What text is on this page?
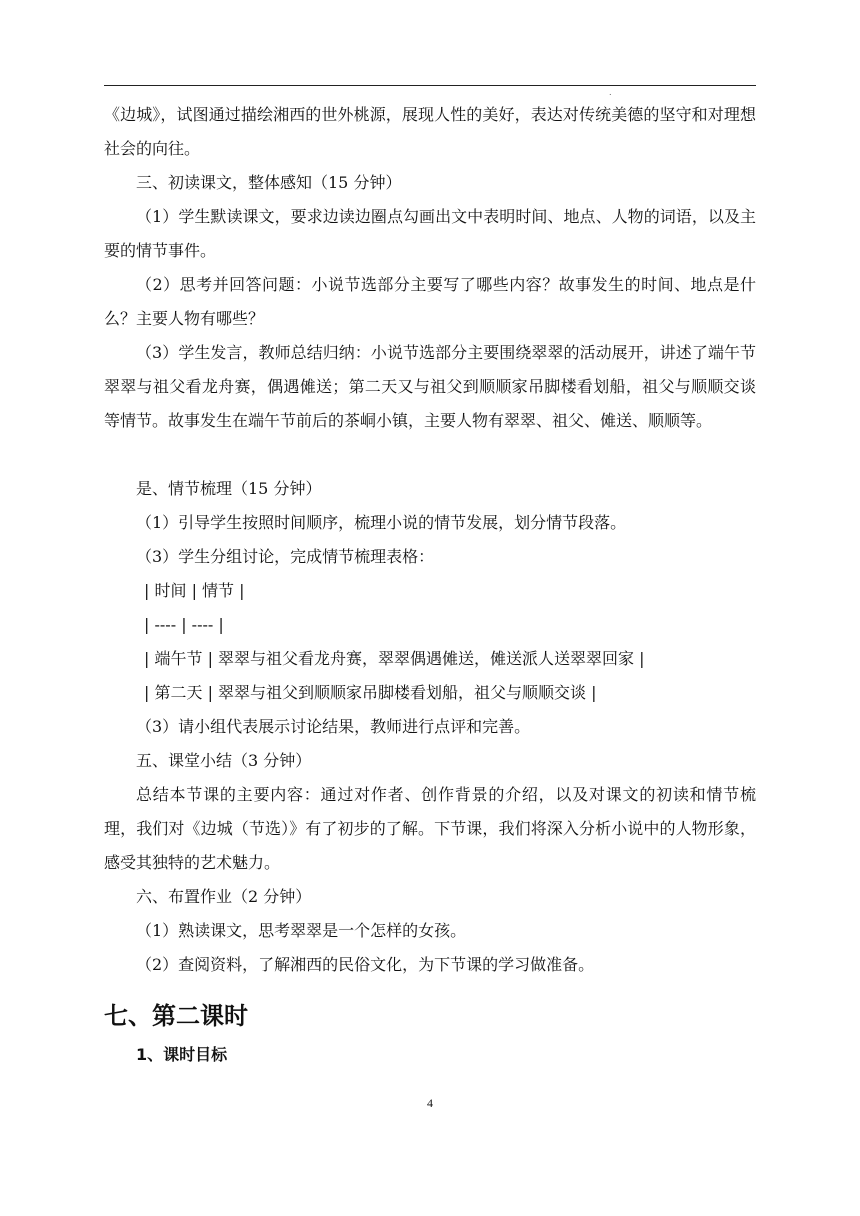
.

《边城》，试图通过描绘湘西的世外桃源，展现人性的美好，表达对传统美德的坚守和对理想社会的向往。

三、初读课文，整体感知（15 分钟）

（1）学生默读课文，要求边读边圈点勾画出文中表明时间、地点、人物的词语，以及主要的情节事件。

（2）思考并回答问题：小说节选部分主要写了哪些内容？故事发生的时间、地点是什么？主要人物有哪些？

（3）学生发言，教师总结归纳：小说节选部分主要围绕翠翠的活动展开，讲述了端午节翠翠与祖父看龙舟赛，偶遇傩送；第二天又与祖父到顺顺家吊脚楼看划船，祖父与顺顺交谈等情节。故事发生在端午节前后的茶峒小镇，主要人物有翠翠、祖父、傩送、顺顺等。

是、情节梳理（15 分钟）

（1）引导学生按照时间顺序，梳理小说的情节发展，划分情节段落。

（3）学生分组讨论，完成情节梳理表格：

| 时间 | 情节 |

| ---- | ---- |

| 端午节 | 翠翠与祖父看龙舟赛，翠翠偶遇傩送，傩送派人送翠翠回家 |

| 第二天 | 翠翠与祖父到顺顺家吊脚楼看划船，祖父与顺顺交谈 |

（3）请小组代表展示讨论结果，教师进行点评和完善。

五、课堂小结（3 分钟）

总结本节课的主要内容：通过对作者、创作背景的介绍，以及对课文的初读和情节梳理，我们对《边城（节选）》有了初步的了解。下节课，我们将深入分析小说中的人物形象，感受其独特的艺术魅力。

六、布置作业（2 分钟）

（1）熟读课文，思考翠翠是一个怎样的女孩。

（2）查阅资料，了解湘西的民俗文化，为下节课的学习做准备。

七、第二课时
1、课时目标
4
